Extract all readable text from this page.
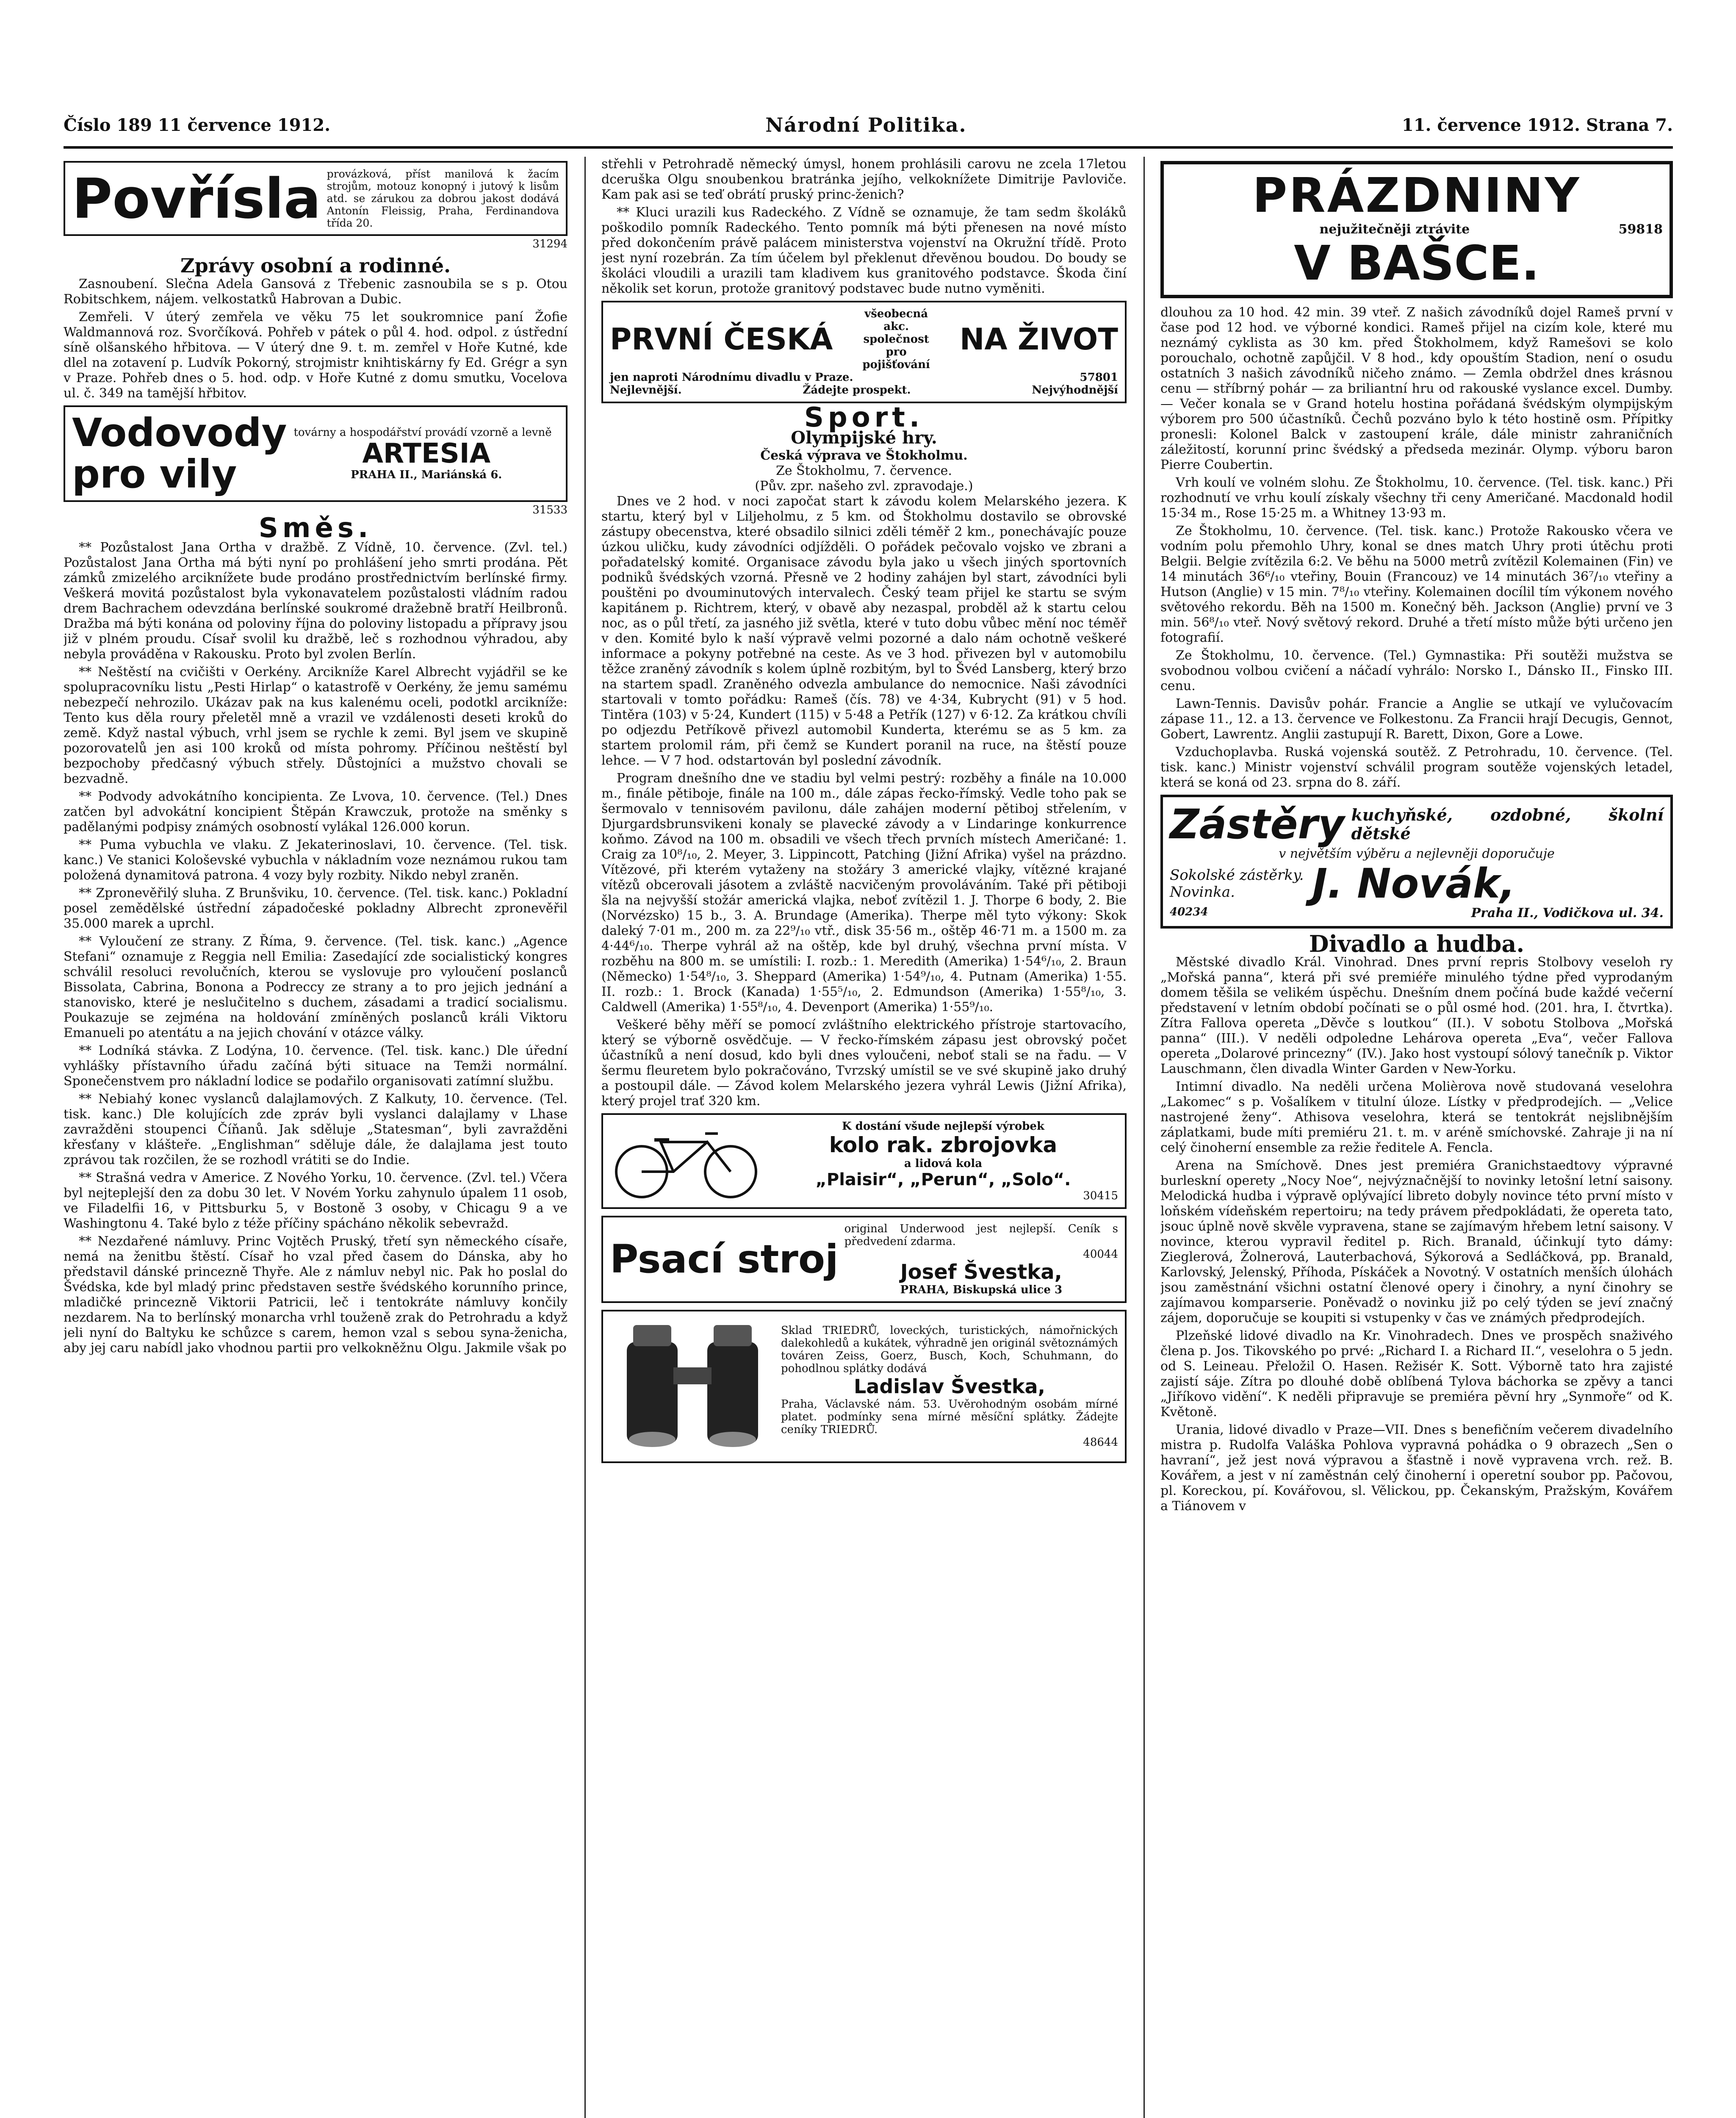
Číslo 189 11 července 1912.	Národní Politika.	11. července 1912. Strana 7.
Povřísla provázková, příst manilová k žacím strojům, motouz konopný i jutový k lisům atd. se zárukou za dobrou jakost dodává Antonín Fleissig, Praha, Ferdinandova třída 20.
31294
Zprávy osobní a rodinné.

Zasnoubení. Slečna Adela Gansová z Třebenic zasnoubila se s p. Otou Robitschkem, nájem. velkostatků Habrovan a Dubic.

Zemřeli. V úterý zemřela ve věku 75 let soukromnice paní Žofie Waldmannová roz. Svorčíková. Pohřeb v pátek o půl 4. hod. odpol. z ústřední síně olšanského hřbitova. — V úterý dne 9. t. m. zemřel v Hoře Kutné, kde dlel na zotavení p. Ludvík Pokorný, strojmistr knihtiskárny fy Ed. Grégr a syn v Praze. Pohřeb dnes o 5. hod. odp. v Hoře Kutné z domu smutku, Vocelova ul. č. 349 na tamější hřbitov.

Vodovody
pro vily
továrny a hospodářství provádí vzorně a levně
ARTESIA
PRAHA II., Mariánská 6.
31533
Směs.

** Pozůstalost Jana Ortha v dražbě. Z Vídně, 10. července. (Zvl. tel.) Pozůstalost Jana Ortha má býti nyní po prohlášení jeho smrti prodána. Pět zámků zmizelého arciknížete bude prodáno prostřednictvím berlínské firmy. Veškerá movitá pozůstalost byla vykonavatelem pozůstalosti vládním radou drem Bachrachem odevzdána berlínské soukromé dražebně bratří Heilbronů. Dražba má býti konána od poloviny října do poloviny listopadu a přípravy jsou již v plném proudu. Císař svolil ku dražbě, leč s rozhodnou výhradou, aby nebyla prováděna v Rakousku. Proto byl zvolen Berlín.

** Neštěstí na cvičišti v Oerkény. Arcikníže Karel Albrecht vyjádřil se ke spolupracovníku listu „Pesti Hirlap“ o katastrofě v Oerkény, že jemu samému nebezpečí nehrozilo. Ukázav pak na kus kalenému oceli, podotkl arcikníže: Tento kus děla roury přeletěl mně a vrazil ve vzdálenosti deseti kroků do země. Když nastal výbuch, vrhl jsem se rychle k zemi. Byl jsem ve skupině pozorovatelů jen asi 100 kroků od místa pohromy. Příčinou neštěstí byl bezpochoby předčasný výbuch střely. Důstojníci a mužstvo chovali se bezvadně.

** Podvody advokátního koncipienta. Ze Lvova, 10. července. (Tel.) Dnes zatčen byl advokátní koncipient Štěpán Krawczuk, protože na směnky s padělanými podpisy známých osobností vylákal 126.000 korun.

** Puma vybuchla ve vlaku. Z Jekaterinoslavi, 10. července. (Tel. tisk. kanc.) Ve stanici Kološevské vybuchla v nákladním voze neznámou rukou tam položená dynamitová patrona. 4 vozy byly rozbity. Nikdo nebyl zraněn.

** Zpronevěřilý sluha. Z Brunšviku, 10. července. (Tel. tisk. kanc.) Pokladní posel zemědělské ústřední západočeské pokladny Albrecht zpronevěřil 35.000 marek a uprchl.

** Vyloučení ze strany. Z Říma, 9. července. (Tel. tisk. kanc.) „Agence Stefani“ oznamuje z Reggia nell Emilia: Zasedající zde socialistický kongres schválil resoluci revolučních, kterou se vyslovuje pro vyloučení poslanců Bissolata, Cabrina, Bonona a Podreccy ze strany a to pro jejich jednání a stanovisko, které je neslučitelno s duchem, zásadami a tradicí socialismu. Poukazuje se zejména na holdování zmíněných poslanců králi Viktoru Emanueli po atentátu a na jejich chování v otázce války.

** Lodníká stávka. Z Lodýna, 10. července. (Tel. tisk. kanc.) Dle úřední vyhlášky přístavního úřadu začíná býti situace na Temži normální. Sponečenstvem pro nákladní lodice se podařilo organisovati zatímní službu.

** Nebiahý konec vyslanců dalajlamových. Z Kalkuty, 10. července. (Tel. tisk. kanc.) Dle kolujících zde zpráv byli vyslanci dalajlamy v Lhase zavražděni stoupenci Číňanů. Jak sděluje „Statesman“, byli zavražděni křesťany v klášteře. „Englishman“ sděluje dále, že dalajlama jest touto zprávou tak rozčilen, že se rozhodl vrátiti se do Indie.

** Strašná vedra v Americe. Z Nového Yorku, 10. července. (Zvl. tel.) Včera byl nejteplejší den za dobu 30 let. V Novém Yorku zahynulo úpalem 11 osob, ve Filadelfii 16, v Pittsburku 5, v Bostoně 3 osoby, v Chicagu 9 a ve Washingtonu 4. Také bylo z téže příčiny spácháno několik sebevražd.

** Nezdařené námluvy. Princ Vojtěch Pruský, třetí syn německého císaře, nemá na ženitbu štěstí. Císař ho vzal před časem do Dánska, aby ho představil dánské princezně Thyře. Ale z námluv nebyl nic. Pak ho poslal do Švédska, kde byl mladý princ představen sestře švédského korunního prince, mladičké princezně Viktorii Patricii, leč i tentokráte námluvy končily nezdarem. Na to berlínský monarcha vrhl touženě zrak do Petrohradu a když jeli nyní do Baltyku ke schůzce s carem, hemon vzal s sebou syna-ženicha, aby jej caru nabídl jako vhodnou partii pro velkokněžnu Olgu. Jakmile však po

střehli v Petrohradě německý úmysl, honem prohlásili carovu ne zcela 17letou dceruška Olgu snoubenkou bratránka jejího, velkoknížete Dimitrije Pavloviče. Kam pak asi se teď obrátí pruský princ-ženich?

** Kluci urazili kus Radeckého. Z Vídně se oznamuje, že tam sedm školáků poškodilo pomník Radeckého. Tento pomník má býti přenesen na nové místo před dokončením právě palácem ministerstva vojenství na Okružní třídě. Proto jest nyní rozebrán. Za tím účelem byl překlenut dřevěnou boudou. Do boudy se školáci vloudili a urazili tam kladivem kus granitového podstavce. Škoda činí několik set korun, protože granitový podstavec bude nutno vyměniti.

PRVNÍ ČESKÁ
všeobecná akc. společnost
pro pojišťování
NA ŽIVOT
jen naproti Národnímu divadlu v Praze.	57801
Nejlevnější.	Žádejte prospekt.	Nejvýhodnější
Sport.
Olympijské hry.
Česká výprava ve Štokholmu.
Ze Štokholmu, 7. července.
(Pův. zpr. našeho zvl. zpravodaje.)

Dnes ve 2 hod. v noci započat start k závodu kolem Melarského jezera. K startu, který byl v Liljeholmu, z 5 km. od Štokholmu dostavilo se obrovské zástupy obecenstva, které obsadilo silnici zděli téměř 2 km., ponechávajíc pouze úzkou uličku, kudy závodníci odjížděli. O pořádek pečovalo vojsko ve zbrani a pořadatelský komité. Organisace závodu byla jako u všech jiných sportovních podniků švédských vzorná. Přesně ve 2 hodiny zahájen byl start, závodníci byli pouštěni po dvouminutových intervalech. Český team přijel ke startu se svým kapitánem p. Richtrem, který, v obavě aby nezaspal, probděl až k startu celou noc, as o půl třetí, za jasného již světla, které v tuto dobu vůbec mění noc téměř v den. Komité bylo k naší výpravě velmi pozorné a dalo nám ochotně veškeré informace a pokyny potřebné na ceste. As ve 3 hod. přivezen byl v automobilu těžce zraněný závodník s kolem úplně rozbitým, byl to Švéd Lansberg, který brzo na startem spadl. Zraněného odvezla ambulance do nemocnice. Naši závodníci startovali v tomto pořádku: Rameš (čís. 78) ve 4·34, Kubrycht (91) v 5 hod. Tintěra (103) v 5·24, Kundert (115) v 5·48 a Petřík (127) v 6·12. Za krátkou chvíli po odjezdu Petříkově přivezl automobil Kunderta, kterému se as 5 km. za startem prolomil rám, při čemž se Kundert poranil na ruce, na štěstí pouze lehce. — V 7 hod. odstartován byl poslední závodník.

Program dnešního dne ve stadiu byl velmi pestrý: rozběhy a finále na 10.000 m., finále pětiboje, finále na 100 m., dále zápas řecko-římský. Vedle toho pak se šermovalo v tennisovém pavilonu, dále zahájen moderní pětiboj střelením, v Djurgardsbrunsvikeni konaly se plavecké závody a v Lindaringe konkurrence koňmo. Závod na 100 m. obsadili ve všech třech prvních místech Američané: 1. Craig za 10⁸/₁₀, 2. Meyer, 3. Lippincott, Patching (Jižní Afrika) vyšel na prázdno. Vítězové, při kterém vytaženy na stožáry 3 americké vlajky, vítězné krajané vítězů obcerovali jásotem a zvláště nacvičeným provoláváním. Také při pětiboji šla na nejvyšší stožár americká vlajka, neboť zvítězil 1. J. Thorpe 6 body, 2. Bie (Norvézsko) 15 b., 3. A. Brundage (Amerika). Therpe měl tyto výkony: Skok daleký 7·01 m., 200 m. za 22⁹/₁₀ vtř., disk 35·56 m., oštěp 46·71 m. a 1500 m. za 4·44⁶/₁₀. Therpe vyhrál až na oštěp, kde byl druhý, všechna první místa. V rozběhu na 800 m. se umístili: I. rozb.: 1. Meredith (Amerika) 1·54⁶/₁₀, 2. Braun (Německo) 1·54⁸/₁₀, 3. Sheppard (Amerika) 1·54⁹/₁₀, 4. Putnam (Amerika) 1·55. II. rozb.: 1. Brock (Kanada) 1·55⁵/₁₀, 2. Edmundson (Amerika) 1·55⁸/₁₀, 3. Caldwell (Amerika) 1·55⁸/₁₀, 4. Devenport (Amerika) 1·55⁹/₁₀.

Veškeré běhy měří se pomocí zvláštního elektrického přístroje startovacího, který se výborně osvědčuje. — V řecko-římském zápasu jest obrovský počet účastníků a není dosud, kdo byli dnes vyloučeni, neboť stali se na řadu. — V šermu fleuretem bylo pokračováno, Tvrzský umístil se ve své skupině jako druhý a postoupil dále. — Závod kolem Melarského jezera vyhrál Lewis (Jižní Afrika), který projel trať 320 km.

K dostání všude nejlepší výrobek
kolo rak. zbrojovka
a lidová kola
„Plaisir“, „Perun“, „Solo“.
30415
Psací stroj
original Underwood jest nejlepší. Ceník s předvedení zdarma.
40044
Josef Švestka,
PRAHA, Biskupská ulice 3
Sklad TRIEDRŮ, loveckých, turistických, námořnických dalekohledů a kukátek, výhradně jen originál světoznámých továren Zeiss, Goerz, Busch, Koch, Schuhmann, do pohodlnou splátky dodává
Ladislav Švestka,
Praha, Václavské nám. 53. Uvěrohodným osobám mírné platet. podmínky sena mírné měsíční splátky. Žádejte ceníky TRIEDRŮ.
48644
PRÁZDNINY
nejužitečněji ztrávite	59818
V BAŠCE.

dlouhou za 10 hod. 42 min. 39 vteř. Z našich závodníků dojel Rameš první v čase pod 12 hod. ve výborné kondici. Rameš přijel na cizím kole, které mu neznámý cyklista as 30 km. před Štokholmem, když Ramešovi se kolo porouchalo, ochotně zapůjčil. V 8 hod., kdy opouštím Stadion, není o osudu ostatních 3 našich závodníků ničeho známo. — Zemla obdržel dnes krásnou cenu — stříbrný pohár — za briliantní hru od rakouské vyslance excel. Dumby. — Večer konala se v Grand hotelu hostina pořádaná švédským olympijským výborem pro 500 účastníků. Čechů pozváno bylo k této hostině osm. Přípitky pronesli: Kolonel Balck v zastoupení krále, dále ministr zahraničních záležitostí, korunní princ švédský a předseda mezinár. Olymp. výboru baron Pierre Coubertin.

Vrh koulí ve volném slohu. Ze Štokholmu, 10. července. (Tel. tisk. kanc.) Při rozhodnutí ve vrhu koulí získaly všechny tři ceny Američané. Macdonald hodil 15·34 m., Rose 15·25 m. a Whitney 13·93 m.

Ze Štokholmu, 10. července. (Tel. tisk. kanc.) Protože Rakousko včera ve vodním polu přemohlo Uhry, konal se dnes match Uhry proti útěchu proti Belgii. Belgie zvítězila 6:2. Ve běhu na 5000 metrů zvítězil Kolemainen (Fin) ve 14 minutách 36⁶/₁₀ vteřiny, Bouin (Francouz) ve 14 minutách 36⁷/₁₀ vteřiny a Hutson (Anglie) v 15 min. 7⁸/₁₀ vteřiny. Kolemainen docílil tím výkonem nového světového rekordu. Běh na 1500 m. Konečný běh. Jackson (Anglie) první ve 3 min. 56⁸/₁₀ vteř. Nový světový rekord. Druhé a třetí místo může býti určeno jen fotografií.

Ze Štokholmu, 10. července. (Tel.) Gymnastika: Při soutěži mužstva se svobodnou volbou cvičení a náčadí vyhrálo: Norsko I., Dánsko II., Finsko III. cenu.

Lawn-Tennis. Davisův pohár. Francie a Anglie se utkají ve vylučovacím zápase 11., 12. a 13. července ve Folkestonu. Za Francii hrají Decugis, Gennot, Gobert, Lawrentz. Anglii zastupují R. Barett, Dixon, Gore a Lowe.

Vzduchoplavba. Ruská vojenská soutěž. Z Petrohradu, 10. července. (Tel. tisk. kanc.) Ministr vojenství schválil program soutěže vojenských letadel, která se koná od 23. srpna do 8. září.

Zástěry kuchyňské, ozdobné, školní dětské
v největším výběru a nejlevněji doporučuje
Sokolské zástěrky.
Novinka.	J. Novák,
40234	Praha II., Vodičkova ul. 34.
Divadlo a hudba.

Městské divadlo Král. Vinohrad. Dnes první repris Stolbovy veseloh ry „Mořská panna“, která při své premiéře minulého týdne před vyprodaným domem těšila se velikém úspěchu. Dnešním dnem počíná bude každé večerní představení v letním období počínati se o půl osmé hod. (201. hra, I. čtvrtka). Zítra Fallova opereta „Děvče s loutkou“ (II.). V sobotu Stolbova „Mořská panna“ (III.). V neděli odpoledne Lehárova opereta „Eva“, večer Fallova opereta „Dolarové princezny“ (IV.). Jako host vystoupí sólový tanečník p. Viktor Lauschmann, člen divadla Winter Garden v New-Yorku.

Intimní divadlo. Na neděli určena Molièrova nově studovaná veselohra „Lakomec“ s p. Vošalíkem v titulní úloze. Lístky v předprodejích. — „Velice nastrojené ženy“. Athisova veselohra, která se tentokrát nejslibnějším záplatkami, bude míti premiéru 21. t. m. v aréně smíchovské. Zahraje ji na ní celý činoherní ensemble za režie ředitele A. Fencla.

Arena na Smíchově. Dnes jest premiéra Granichstaedtovy výpravné burleskní operety „Nocy Noe“, nejvýznačnější to novinky letošní letní saisony. Melodická hudba i výpravě oplývající libreto dobyly novince této první místo v loňském vídeňském repertoiru; na tedy právem předpokládati, že opereta tato, jsouc úplně nově skvěle vypravena, stane se zajímavým hřebem letní saisony. V novince, kterou vypravil ředitel p. Rich. Branald, účinkují tyto dámy: Zieglerová, Žolnerová, Lauterbachová, Sýkorová a Sedláčková, pp. Branald, Karlovský, Jelenský, Příhoda, Pískáček a Novotný. V ostatních menších úlohách jsou zaměstnání všichni ostatní členové opery i činohry, a nyní činohry se zajímavou komparserie. Poněvadž o novinku již po celý týden se jeví značný zájem, doporučuje se koupiti si vstupenky v čas ve známých předprodejích.

Plzeňské lidové divadlo na Kr. Vinohradech. Dnes ve prospěch snaživého člena p. Jos. Tikovského po prvé: „Richard I. a Richard II.“, veselohra o 5 jedn. od S. Leineau. Přeložil O. Hasen. Režisér K. Sott. Výborně tato hra zajisté zajistí sáje. Zítra po dlouhé době oblíbená Tylova báchorka se zpěvy a tanci „Jiříkovo vidění“. K neděli připravuje se premiéra pěvní hry „Synmoře“ od K. Květoně.

Urania, lidové divadlo v Praze—VII. Dnes s benefičním večerem divadelního mistra p. Rudolfa Valáška Pohlova vypravná pohádka o 9 obrazech „Sen o havraní“, jež jest nová výpravou a šťastně i nově vypravena vrch. rež. B. Kovářem, a jest v ní zaměstnán celý činoherní i operetní soubor pp. Pačovou, pl. Koreckou, pí. Kovářovou, sl. Vělickou, pp. Čekanským, Pražským, Kovářem a Tiánovem v
